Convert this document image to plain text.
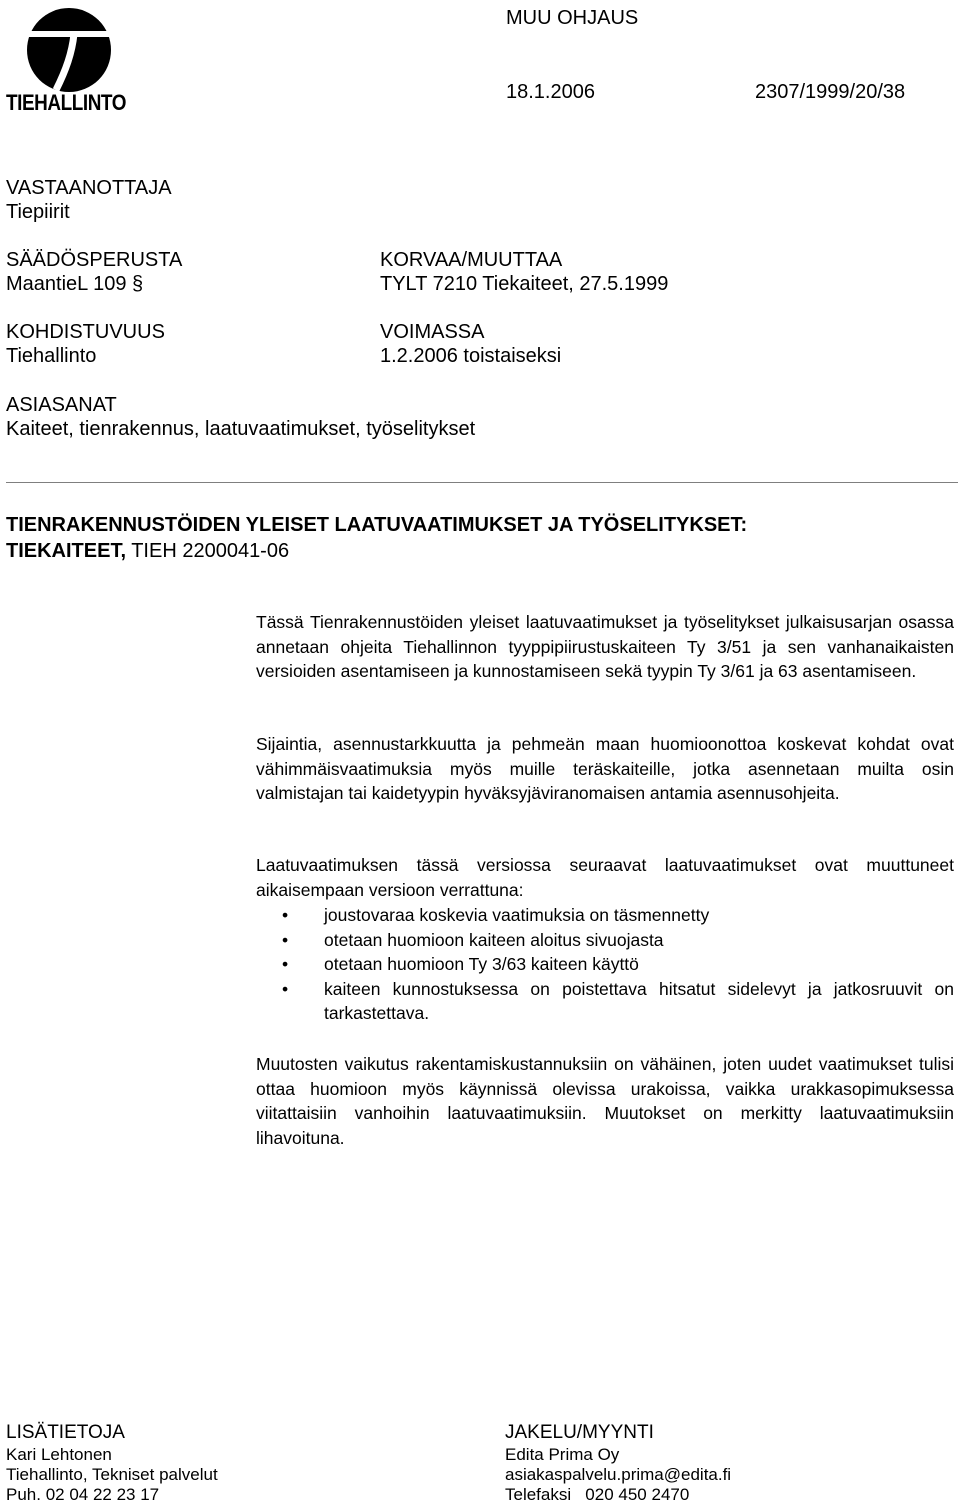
TIEHALLINTO
MUU OHJAUS
18.1.2006	2307/1999/20/38
VASTAANOTTAJA
Tiepiirit
SÄÄDÖSPERUSTA
MaantieL 109 §
KORVAA/MUUTTAA
TYLT 7210 Tiekaiteet, 27.5.1999
KOHDISTUVUUS
Tiehallinto
VOIMASSA
1.2.2006 toistaiseksi
ASIASANAT
Kaiteet, tienrakennus, laatuvaatimukset, työselitykset
TIENRAKENNUSTÖIDEN YLEISET LAATUVAATIMUKSET JA TYÖSELITYKSET:
TIEKAITEET, TIEH 2200041-06
Tässä Tienrakennustöiden yleiset laatuvaatimukset ja työselitykset julkaisusarjan osassa annetaan ohjeita Tiehallinnon tyyppipiirustuskaiteen Ty 3/51 ja sen vanhanaikaisten versioiden asentamiseen ja kunnostamiseen sekä tyypin Ty 3/61 ja 63 asentamiseen.
Sijaintia, asennustarkkuutta ja pehmeän maan huomioonottoa koskevat kohdat ovat vähimmäisvaatimuksia myös muille teräskaiteille, jotka asennetaan muilta osin valmistajan tai kaidetyypin hyväksyjäviranomaisen antamia asennusohjeita.
Laatuvaatimuksen tässä versiossa seuraavat laatuvaatimukset ovat muuttuneet aikaisempaan versioon verrattuna:
• joustovaraa koskevia vaatimuksia on täsmennetty
• otetaan huomioon kaiteen aloitus sivuojasta
• otetaan huomioon Ty 3/63 kaiteen käyttö
• kaiteen kunnostuksessa on poistettava hitsatut sidelevyt ja jatkosruuvit on tarkastettava.
Muutosten vaikutus rakentamiskustannuksiin on vähäinen, joten uudet vaatimukset tulisi ottaa huomioon myös käynnissä olevissa urakoissa, vaikka urakkasopimuksessa viitattaisiin vanhoihin laatuvaatimuksiin. Muutokset on merkitty laatuvaatimuksiin lihavoituna.
LISÄTIETOJA
Kari Lehtonen
Tiehallinto, Tekniset palvelut
Puh. 02 04 22 23 17
JAKELU/MYYNTI
Edita Prima Oy
asiakaspalvelu.prima@edita.fi
Telefaksi   020 450 2470
